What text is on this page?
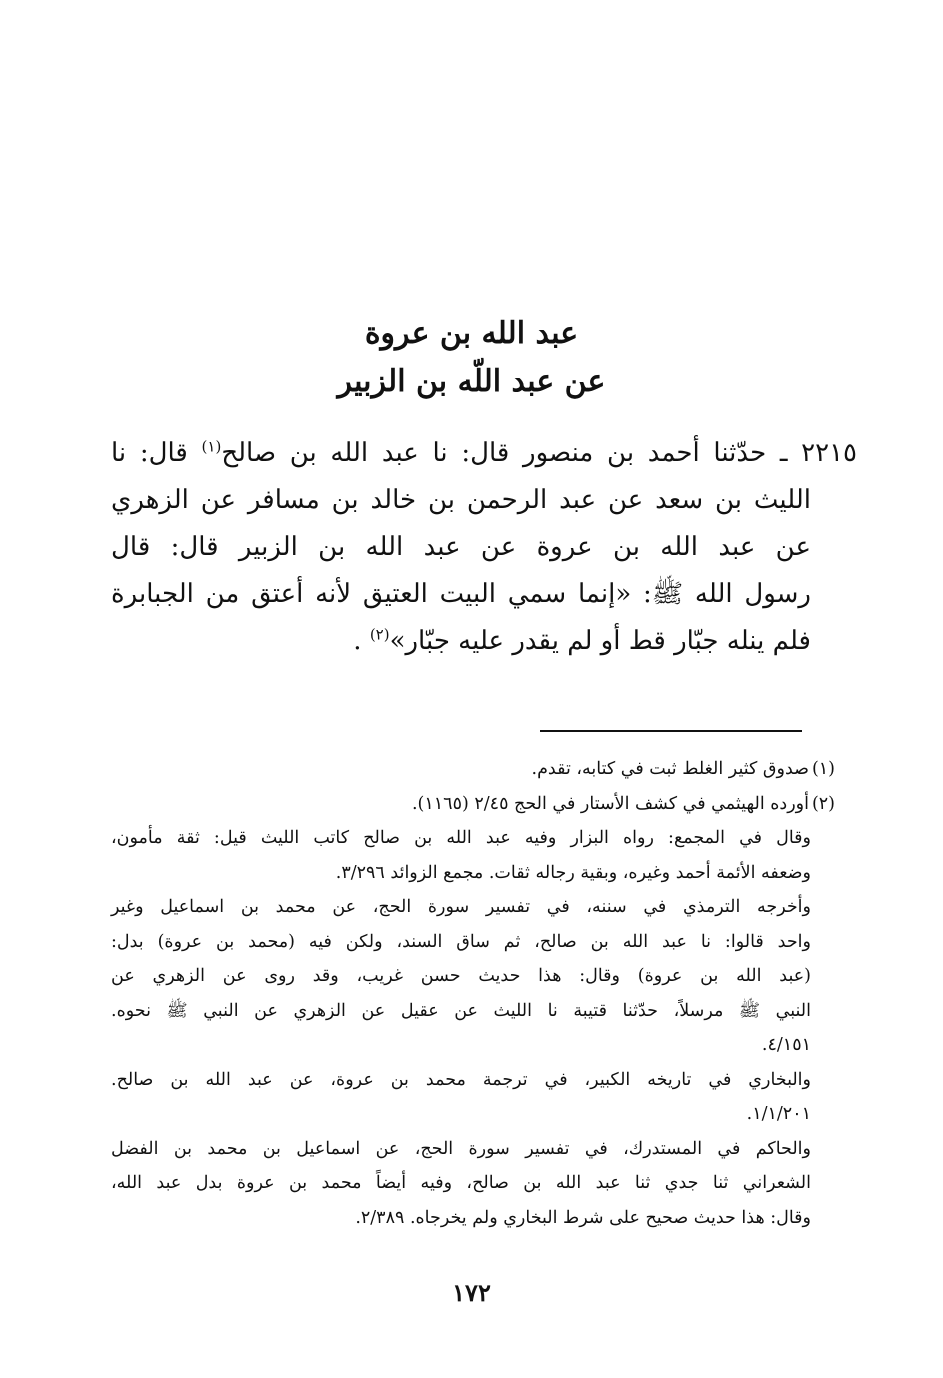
عبد الله بن عروة
عن عبد اللّه بن الزبير
٢٢١٥ ـ حدّثنا أحمد بن منصور قال: نا عبد الله بن صالح$^{(١)}$ قال: نا
الليث بن سعد عن عبد الرحمن بن خالد بن مسافر عن الزهري
عن عبد الله بن عروة عن عبد الله بن الزبير قال: قال
رسول الله ﷺ: «إنما سمي البيت العتيق لأنه أعتق من الجبابرة
فلم ينله جبّار قط أو لم يقدر عليه جبّار»$^{(٢)}$ .
(١)صدوق كثير الغلط ثبت في كتابه، تقدم.
(٢)أورده الهيثمي في كشف الأستار في الحج ٢/٤٥ (١١٦٥).
وقال في المجمع: رواه البزار وفيه عبد الله بن صالح كاتب الليث قيل: ثقة مأمون،
وضعفه الأئمة أحمد وغيره، وبقية رجاله ثقات. مجمع الزوائد ٣/٢٩٦.
وأخرجه الترمذي في سننه، في تفسير سورة الحج، عن محمد بن اسماعيل وغير
واحد قالوا: نا عبد الله بن صالح، ثم ساق السند، ولكن فيه (محمد بن عروة) بدل:
(عبد الله بن عروة) وقال: هذا حديث حسن غريب، وقد روى عن الزهري عن
النبي ﷺ مرسلاً، حدّثنا قتيبة نا الليث عن عقيل عن الزهري عن النبي ﷺ نحوه.
٤/١٥١.
والبخاري في تاريخه الكبير، في ترجمة محمد بن عروة، عن عبد الله بن صالح.
١/١/٢٠١.
والحاكم في المستدرك، في تفسير سورة الحج، عن اسماعيل بن محمد بن الفضل
الشعراني ثنا جدي ثنا عبد الله بن صالح، وفيه أيضاً محمد بن عروة بدل عبد الله،
وقال: هذا حديث صحيح على شرط البخاري ولم يخرجاه. ٢/٣٨٩.
١٧٢
